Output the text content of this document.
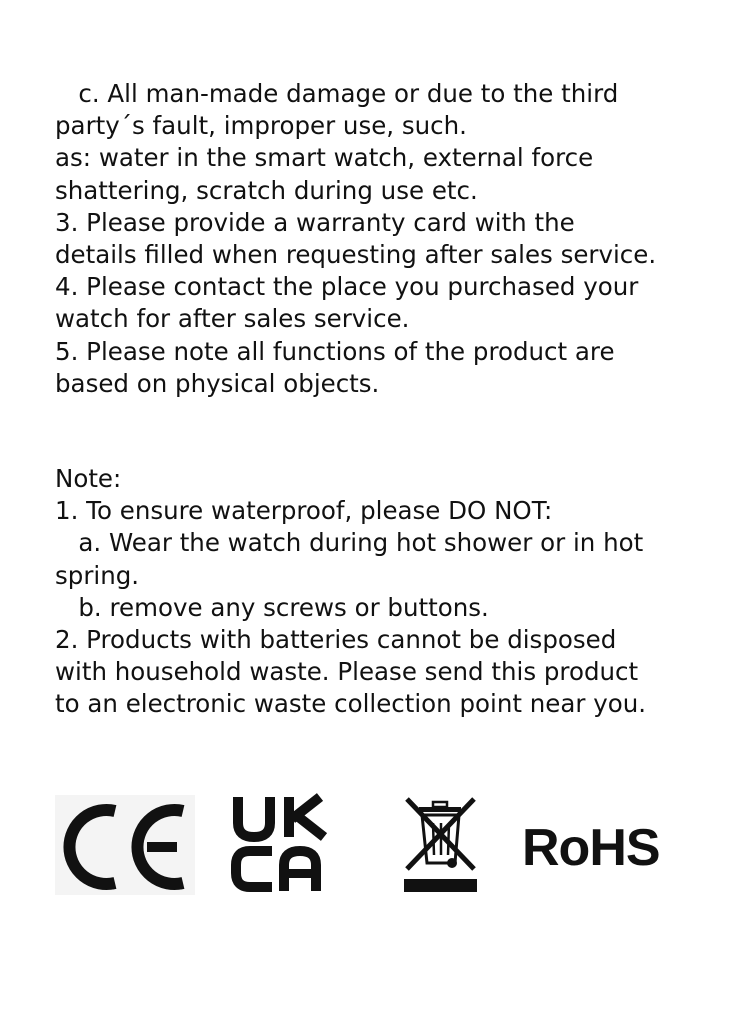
c. All man-made damage or due to the third
party´s fault, improper use, such.
as: water in the smart watch, external force
shattering, scratch during use etc.
3. Please provide a warranty card with the
details filled when requesting after sales service.
4. Please contact the place you purchased your
watch for after sales service.
5. Please note all functions of the product are
based on physical objects.
Note:
1. To ensure waterproof, please DO NOT:
a. Wear the watch during hot shower or in hot
spring.
b. remove any screws or buttons.
2. Products with batteries cannot be disposed
with household waste. Please send this product
to an electronic waste collection point near you.
RoHS
